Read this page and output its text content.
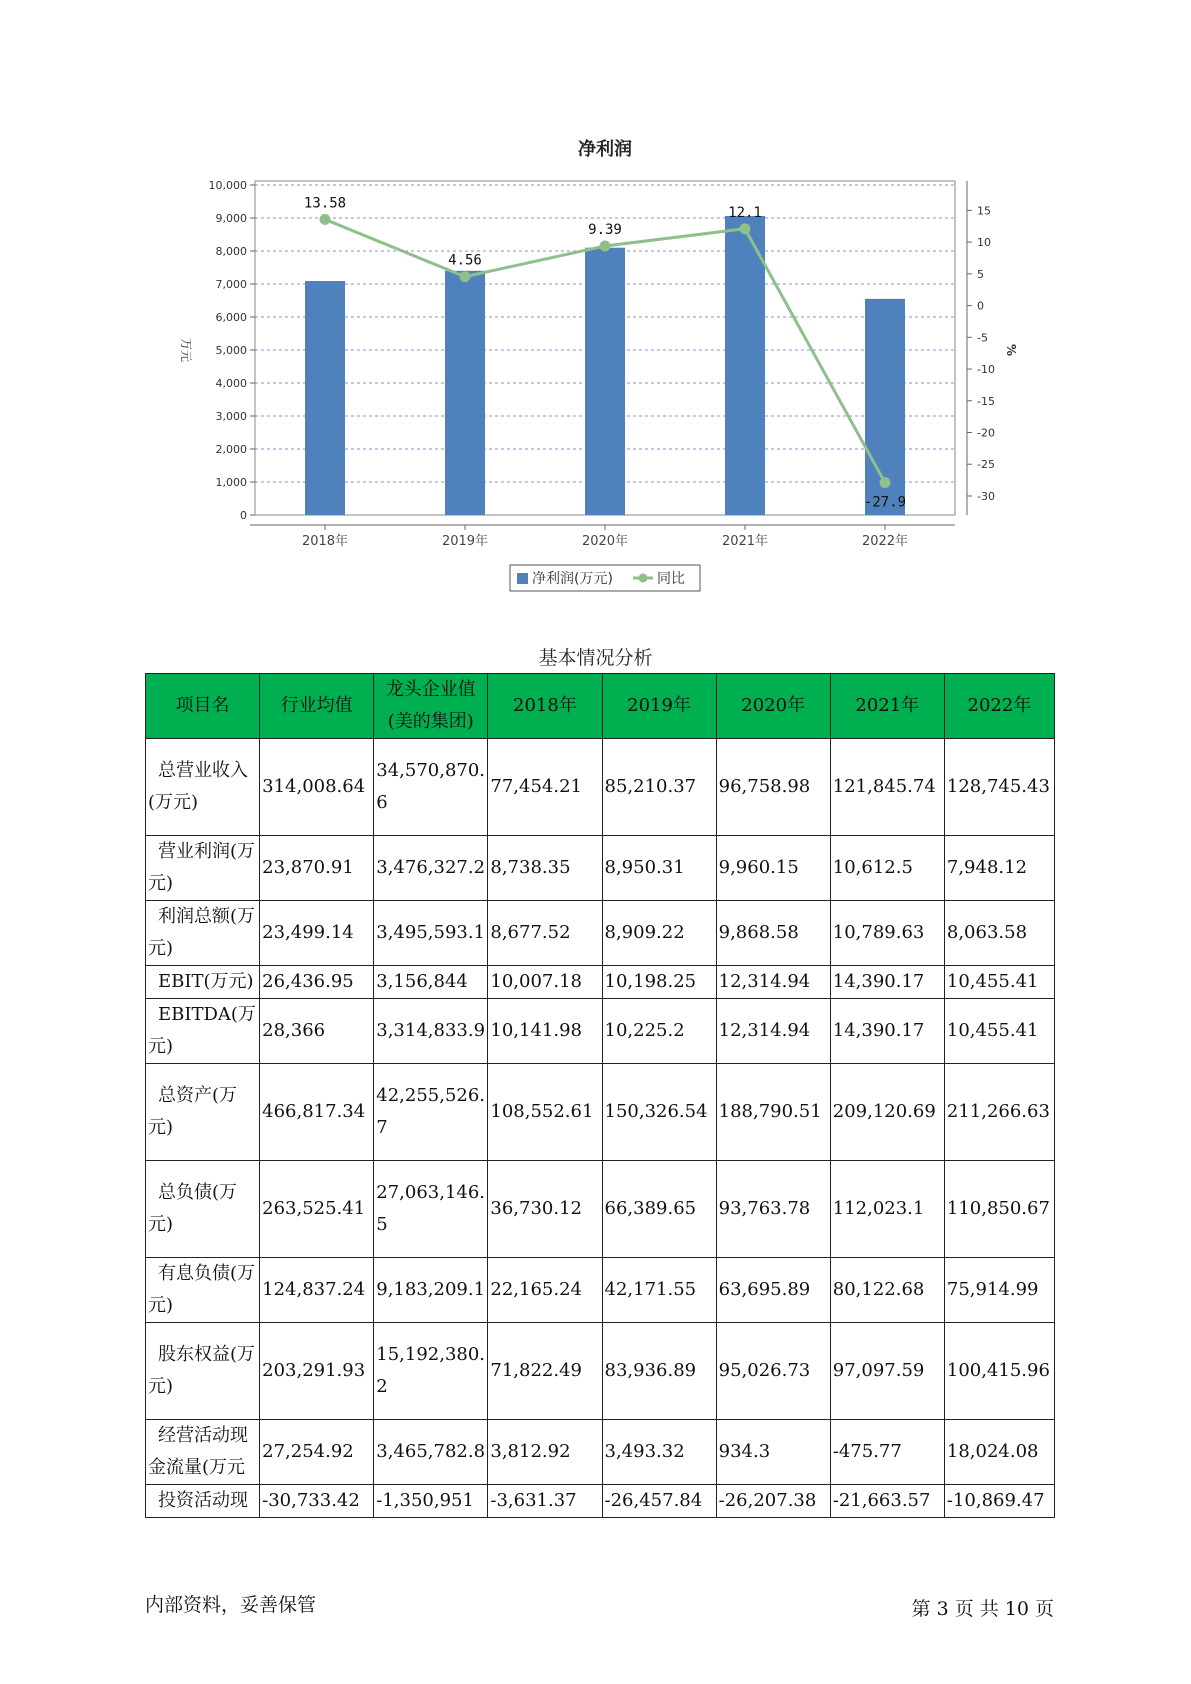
净利润
0
1,000
2,000
3,000
4,000
5,000
6,000
7,000
8,000
9,000
10,000
15
10
5
0
-5
-10
-15
-20
-25
-30
万元	%
2018年	2019年	2020年	2021年	2022年
13.58
4.56
9.39
12.1
-27.9
净利润(万元)	同比
基本情况分析
项目名	行业均值	龙头企业值(美的集团)	2018年	2019年	2020年	2021年	2022年
总营业收入(万元)	314,008.64	34,570,870.6	77,454.21	85,210.37	96,758.98	121,845.74	128,745.43
营业利润(万元)	23,870.91	3,476,327.2	8,738.35	8,950.31	9,960.15	10,612.5	7,948.12
利润总额(万元)	23,499.14	3,495,593.1	8,677.52	8,909.22	9,868.58	10,789.63	8,063.58
EBIT(万元)	26,436.95	3,156,844	10,007.18	10,198.25	12,314.94	14,390.17	10,455.41
EBITDA(万元)	28,366	3,314,833.9	10,141.98	10,225.2	12,314.94	14,390.17	10,455.41
总资产(万元)	466,817.34	42,255,526.7	108,552.61	150,326.54	188,790.51	209,120.69	211,266.63
总负债(万元)	263,525.41	27,063,146.5	36,730.12	66,389.65	93,763.78	112,023.1	110,850.67
有息负债(万元)	124,837.24	9,183,209.1	22,165.24	42,171.55	63,695.89	80,122.68	75,914.99
股东权益(万元)	203,291.93	15,192,380.2	71,822.49	83,936.89	95,026.73	97,097.59	100,415.96
经营活动现金流量(万元	27,254.92	3,465,782.8	3,812.92	3,493.32	934.3	-475.77	18,024.08
投资活动现	-30,733.42	-1,350,951	-3,631.37	-26,457.84	-26,207.38	-21,663.57	-10,869.47
内部资料，妥善保管	第 3 页 共 10 页
